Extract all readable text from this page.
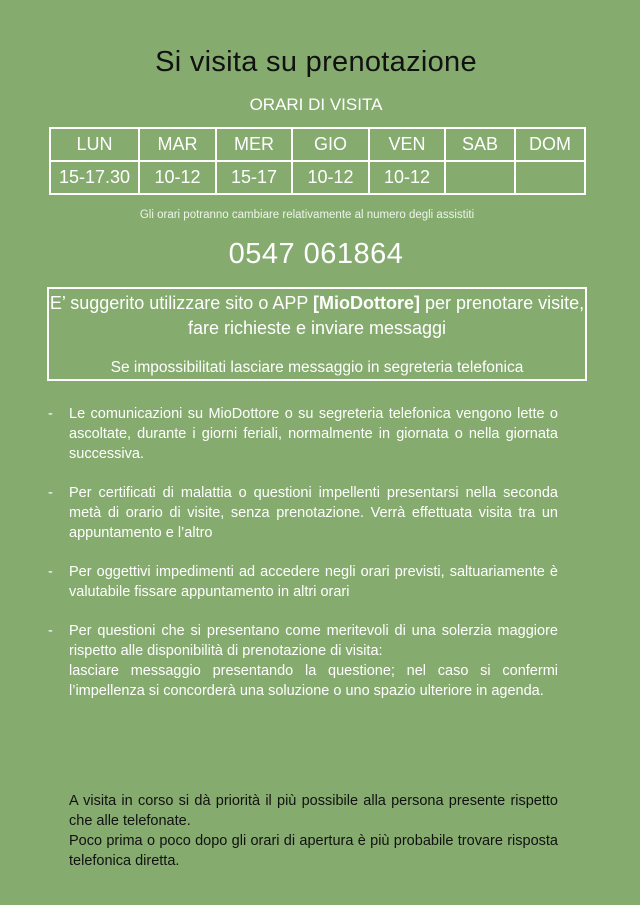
Si visita su prenotazione
ORARI DI VISITA
LUN	MAR	MER	GIO	VEN	SAB	DOM
15-17.30	10-12	15-17	10-12	10-12		
Gli orari potranno cambiare relativamente al numero degli assistiti
0547 061864
E’ suggerito utilizzare sito o APP [MioDottore] per prenotare visite, fare richieste e inviare messaggi
Se impossibilitati lasciare messaggio in segreteria telefonica
- Le comunicazioni su MioDottore o su segreteria telefonica vengono lette o ascoltate, durante i giorni feriali, normalmente in giornata o nella giornata successiva.

- Per certificati di malattia o questioni impellenti presentarsi nella seconda metà di orario di visite, senza prenotazione. Verrà effettuata visita tra un appuntamento e l’altro

- Per oggettivi impedimenti ad accedere negli orari previsti, saltuariamente è valutabile fissare appuntamento in altri orari

- Per questioni che si presentano come meritevoli di una solerzia maggiore rispetto alle disponibilità di prenotazione di visita:

lasciare messaggio presentando la questione; nel caso si confermi l’impellenza si concorderà una soluzione o uno spazio ulteriore in agenda.

A visita in corso si dà priorità il più possibile alla persona presente rispetto che alle telefonate.

Poco prima o poco dopo gli orari di apertura è più probabile trovare risposta telefonica diretta.
